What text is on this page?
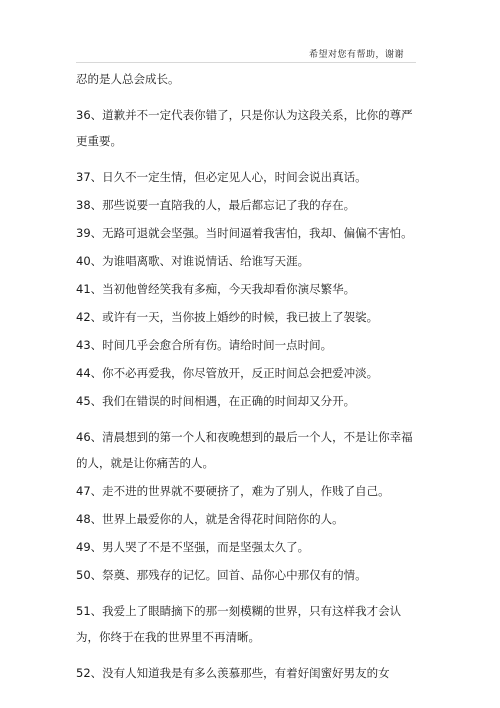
希望对您有帮助，谢谢

忍的是人总会成长。

36、道歉并不一定代表你错了，只是你认为这段关系，比你的尊严更重要。

37、日久不一定生情，但必定见人心，时间会说出真话。

38、那些说要一直陪我的人，最后都忘记了我的存在。

39、无路可退就会坚强。当时间逼着我害怕，我却、偏偏不害怕。

40、为谁唱离歌、对谁说情话、给谁写天涯。

41、当初他曾经笑我有多痴，今天我却看你演尽繁华。

42、或许有一天，当你披上婚纱的时候，我已披上了袈裟。

43、时间几乎会愈合所有伤。请给时间一点时间。

44、你不必再爱我，你尽管放开，反正时间总会把爱冲淡。

45、我们在错误的时间相遇，在正确的时间却又分开。

46、清晨想到的第一个人和夜晚想到的最后一个人，不是让你幸福的人，就是让你痛苦的人。

47、走不进的世界就不要硬挤了，难为了别人，作贱了自己。

48、世界上最爱你的人，就是舍得花时间陪你的人。

49、男人哭了不是不坚强，而是坚强太久了。

50、祭奠、那残存的记忆。回首、品你心中那仅有的情。

51、我爱上了眼睛摘下的那一刻模糊的世界，只有这样我才会认为，你终于在我的世界里不再清晰。

52、没有人知道我是有多么羡慕那些，有着好闺蜜好男友的女
